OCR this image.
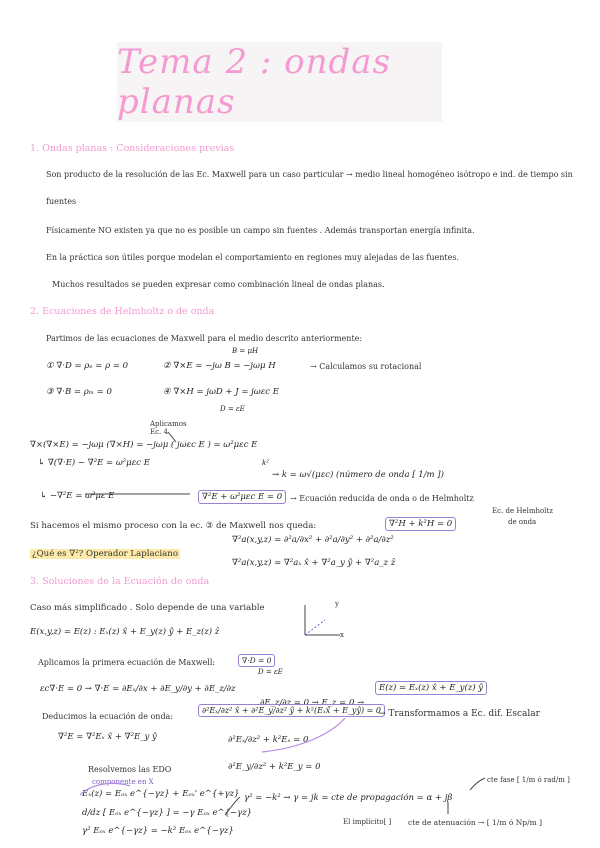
Tema 2 : ondas planas
1. Ondas planas : Consideraciones previas
Son producto de la resolución de las Ec. Maxwell para un caso particular → medio lineal homogéneo isótropo e ind. de tiempo sin
fuentes
Físicamente NO existen ya que no es posible un campo sin fuentes . Además transportan energía infinita.
En la práctica son útiles porque modelan el comportamiento en regiones muy alejadas de las fuentes.
Muchos resultados se pueden expresar como combinación lineal de ondas planas.
2. Ecuaciones de Helmholtz o de onda
Partimos de las ecuaciones de Maxwell para el medio descrito anteriormente:
① ∇·D = ρₑ = ρ = 0
B = μH
② ∇×E = −jω B = −jωμ H	→ Calculamos su rotacional
③ ∇·B = ρₘ = 0	④ ∇×H = jωD + J = jωεc E
D = εE
Aplicamos Ec. 4
∇×(∇×E) = −jωμ (∇×H) = −jωμ ( jωεc E ) = ω²μεc E
↳ ∇(∇·E) − ∇²E = ω²μεc E	k²
→ k = ω√(μεc) (número de onda [ 1/m ])
↳ −∇²E = ω²με E	∇²E + ω²μεc E = 0 → Ecuación reducida de onda o de Helmholtz
Si hacemos el mismo proceso con la ec. ③ de Maxwell nos queda:	∇²H + k²H = 0
Ec. de Helmholtz
de onda
¿Qué es ∇²? Operador Laplaciano
∇²a(x,y,z) = ∂²a/∂x² + ∂²a/∂y² + ∂²a/∂z²
∇²a(x,y,z) = ∇²aₓ x̂ + ∇²a_y ŷ + ∇²a_z ẑ
3. Soluciones de la Ecuación de onda
Caso más simplificado . Solo depende de una variable
E(x,y,z) = E(z) : Eₓ(z) x̂ + E_y(z) ŷ + E_z(z) ẑ
y
x
Aplicamos la primera ecuación de Maxwell:	∇·D = 0
D = εE
εc∇·E = 0 → ∇·E = ∂Eₓ/∂x + ∂E_y/∂y + ∂E_z/∂z
∂E_z/∂z = 0 → E_z = 0 →
E(z) = Eₓ(z) x̂ + E_y(z) ŷ
Deducimos la ecuación de onda:
∂²Eₓ/∂z² x̂ + ∂²E_y/∂z² ŷ + k²(Eₓx̂ + E_yŷ) = 0
→ Transformamos a Ec. dif. Escalar
∇²E = ∇²Eₓ x̂ + ∇²E_y ŷ	∂²Eₓ/∂z² + k²Eₓ = 0
∂²E_y/∂z² + k²E_y = 0
Resolvemos las EDO
componente en X
Eₓ(z) = Eₒₓ e^{−γz} + Eₒₓ' e^{+γz}
d/dz [ Eₒₓ e^{−γz} ] = −γ Eₒₓ e^{−γz}
γ² Eₒₓ e^{−γz} = −k² Eₒₓ e^{−γz}
γ² = −k² → γ = jk = cte de propagación = α + jβ
cte fase [ 1/m ó rad/m ]
El implícito[ ] cte de atenuación → [ 1/m ó Np/m ]
